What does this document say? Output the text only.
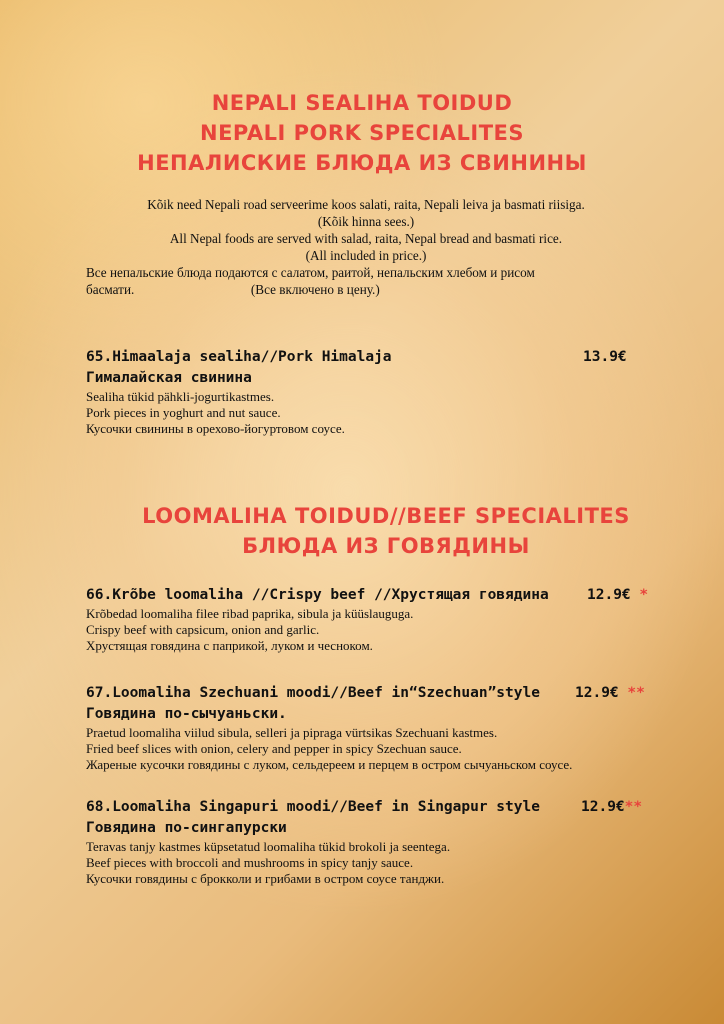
NEPALI SEALIHA TOIDUD
NEPALI PORK SPECIALITES
НЕПАЛИСКИЕ БЛЮДА ИЗ СВИНИНЫ
Kõik need Nepali road serveerime koos salati, raita, Nepali leiva ja basmati riisiga.
(Kõik hinna sees.)
All Nepal foods are served with salad, raita, Nepal bread and basmati rice.
(All included in price.)
Все непальские блюда подаются с салатом, раитой, непальским хлебом и рисом
басмати.	(Все включено в цену.)
65.Himaalaja sealiha//Pork Himalaja	13.9€
Гималайская свинина
Sealiha tükid pähkli-jogurtikastmes.
Pork pieces in yoghurt and nut sauce.
Кусочки свинины в орехово-йогуртовом соусе.
LOOMALIHA TOIDUD//BEEF SPECIALITES
БЛЮДА ИЗ ГОВЯДИНЫ
66.Krõbe loomaliha //Crispy beef //Хрустящая говядина	12.9€ *
Krõbedad loomaliha filee ribad paprika, sibula ja küüslauguga.
Crispy beef with capsicum, onion and garlic.
Хрустящая говядина с паприкой, луком и чесноком.
67.Loomaliha Szechuani moodi//Beef in“Szechuan”style 12.9€ **
Говядина по-сычуаньски.
Praetud loomaliha viilud sibula, selleri ja pipraga vürtsikas Szechuani kastmes.
Fried beef slices with onion, celery and pepper in spicy Szechuan sauce.
Жареные кусочки говядины с луком, сельдереем и перцем в остром сычуаньском соусе.
68.Loomaliha Singapuri moodi//Beef in Singapur style	12.9€**
Говядина по-сингапурски
Teravas tanjy kastmes küpsetatud loomaliha tükid brokoli ja seentega.
Beef pieces with broccoli and mushrooms in spicy tanjy sauce.
Кусочки говядины с брокколи и грибами в остром соусе танджи.
